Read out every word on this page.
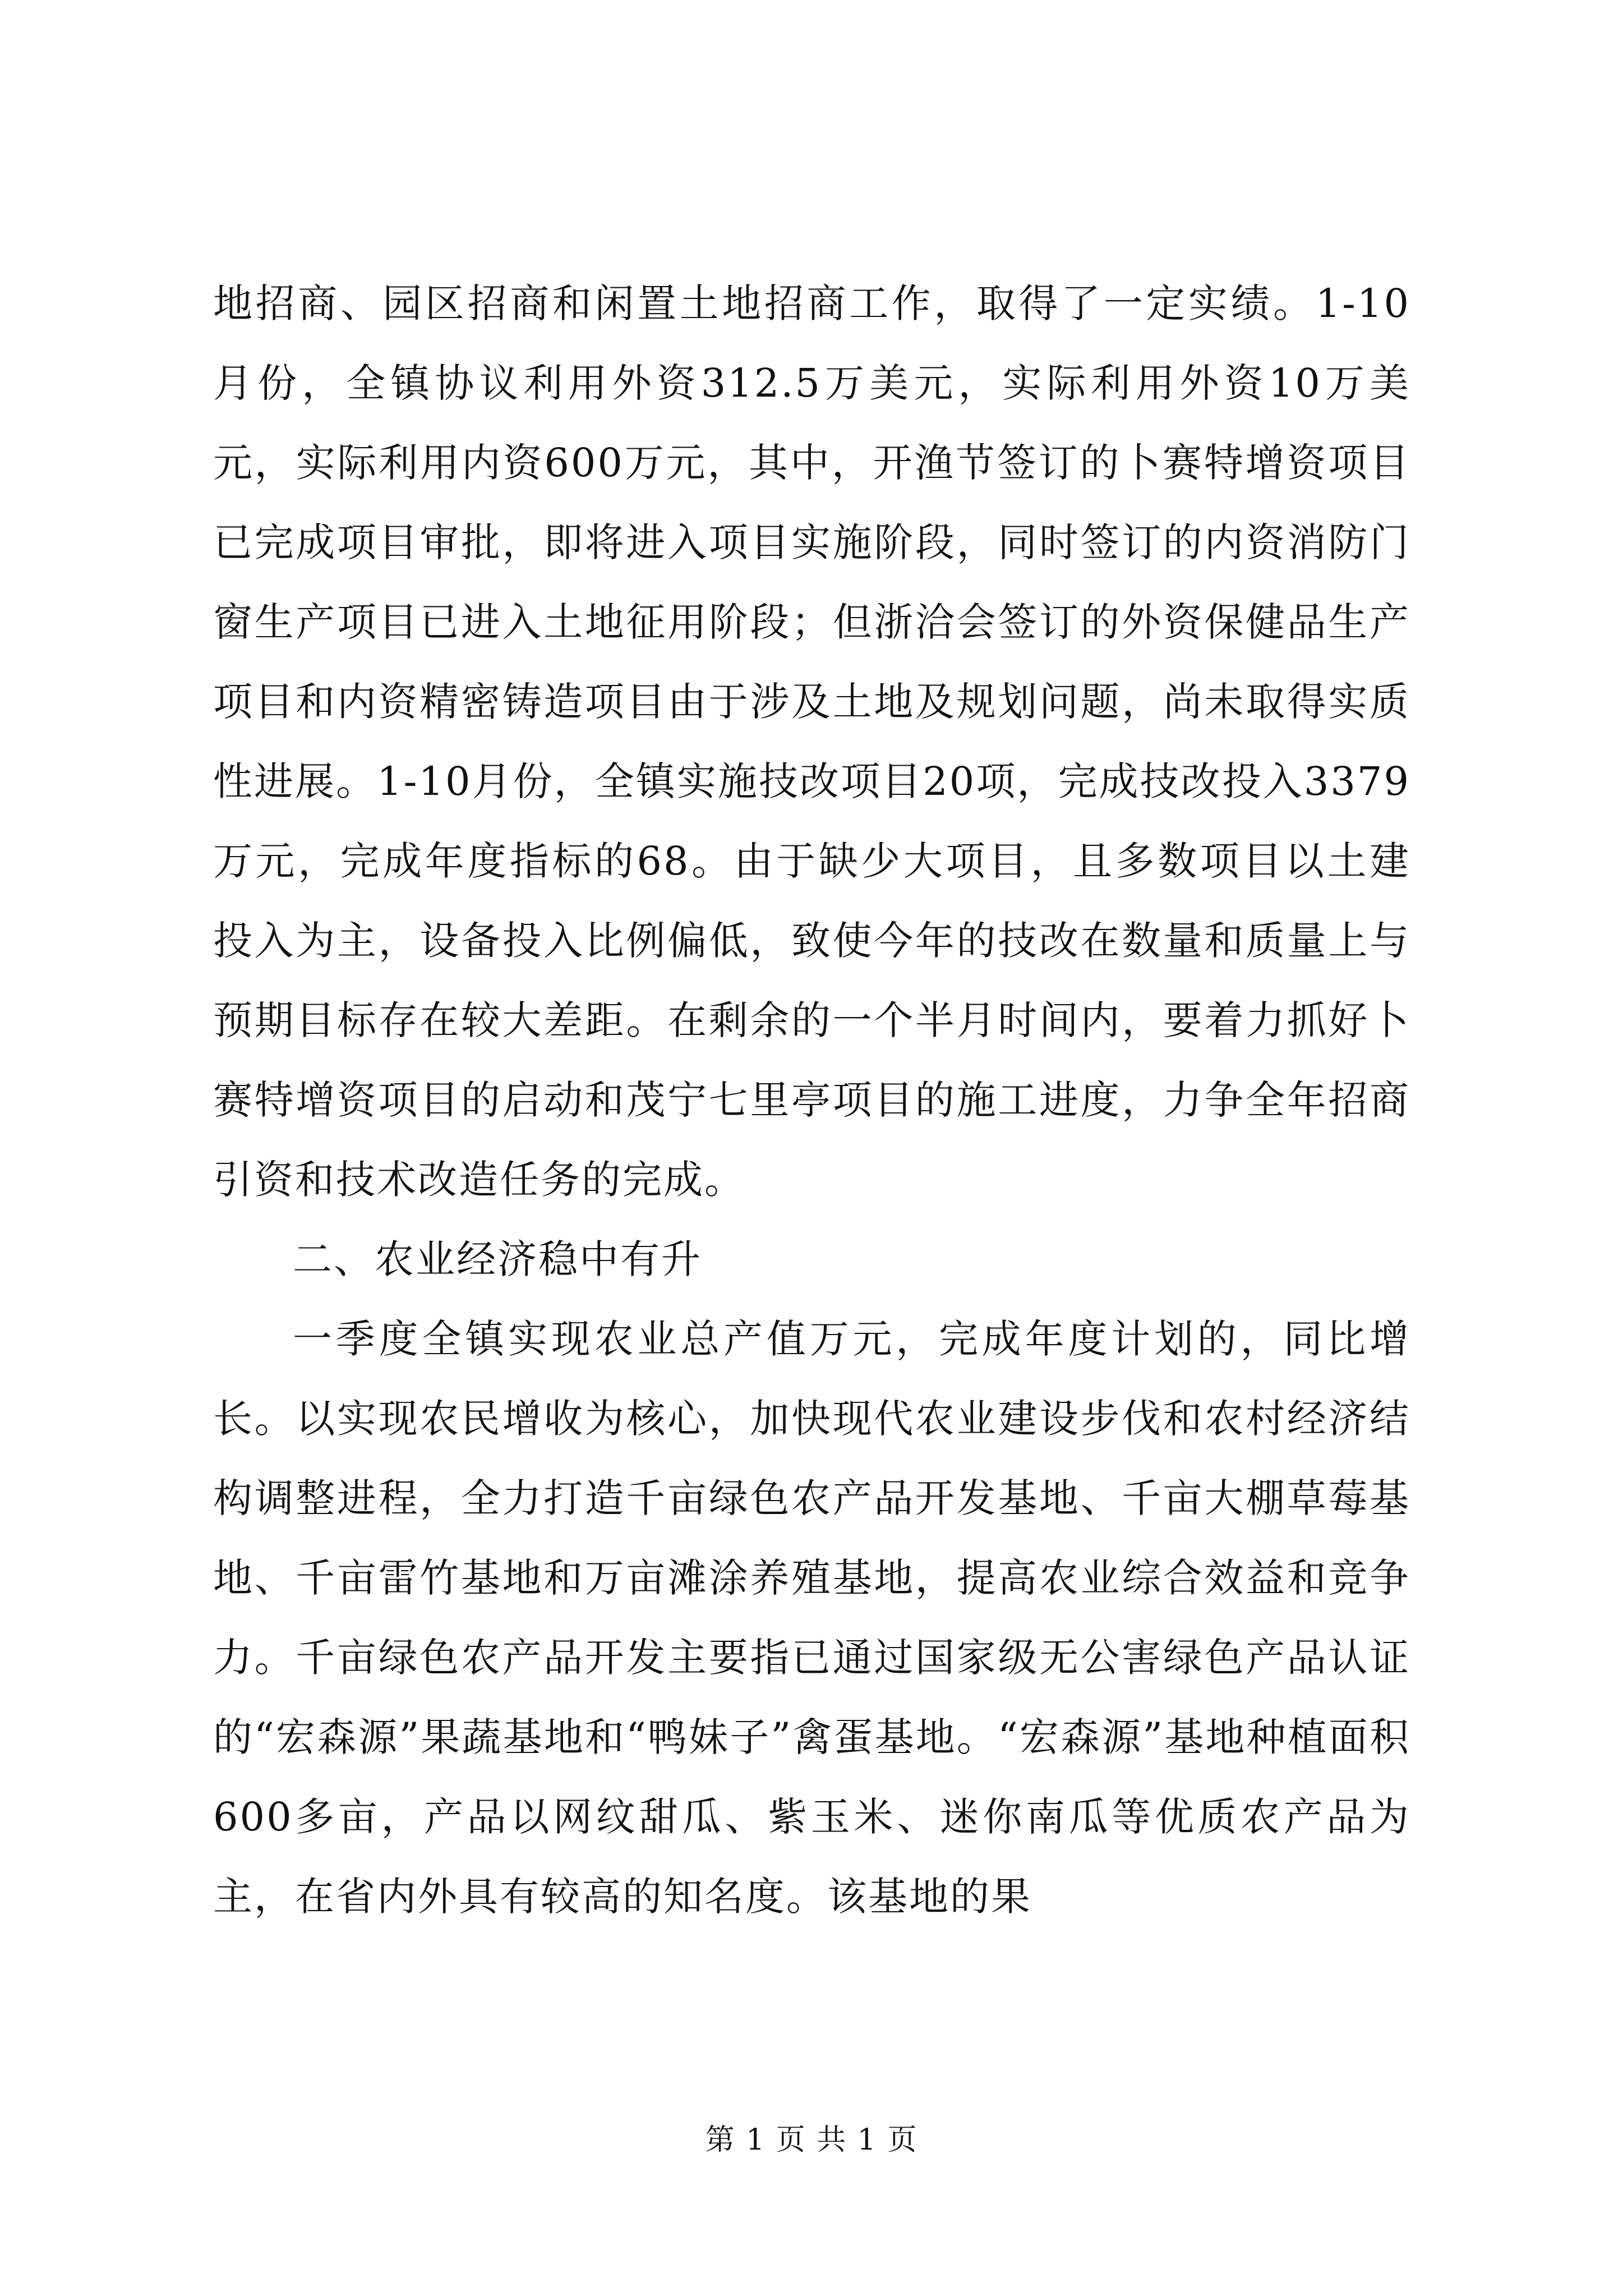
地招商、园区招商和闲置土地招商工作，取得了一定实绩。1-10月份，全镇协议利用外资312.5万美元，实际利用外资10万美元，实际利用内资600万元，其中，开渔节签订的卜赛特增资项目已完成项目审批，即将进入项目实施阶段，同时签订的内资消防门窗生产项目已进入土地征用阶段；但浙洽会签订的外资保健品生产项目和内资精密铸造项目由于涉及土地及规划问题，尚未取得实质性进展。1-10月份，全镇实施技改项目20项，完成技改投入3379万元，完成年度指标的68。由于缺少大项目，且多数项目以土建投入为主，设备投入比例偏低，致使今年的技改在数量和质量上与预期目标存在较大差距。在剩余的一个半月时间内，要着力抓好卜赛特增资项目的启动和茂宁七里亭项目的施工进度，力争全年招商引资和技术改造任务的完成。

二、农业经济稳中有升

一季度全镇实现农业总产值万元，完成年度计划的，同比增长。以实现农民增收为核心，加快现代农业建设步伐和农村经济结构调整进程，全力打造千亩绿色农产品开发基地、千亩大棚草莓基地、千亩雷竹基地和万亩滩涂养殖基地，提高农业综合效益和竞争力。千亩绿色农产品开发主要指已通过国家级无公害绿色产品认证的“宏森源”果蔬基地和“鸭妹子”禽蛋基地。“宏森源”基地种植面积600多亩，产品以网纹甜瓜、紫玉米、迷你南瓜等优质农产品为主，在省内外具有较高的知名度。该基地的果

第 1 页 共 1 页
